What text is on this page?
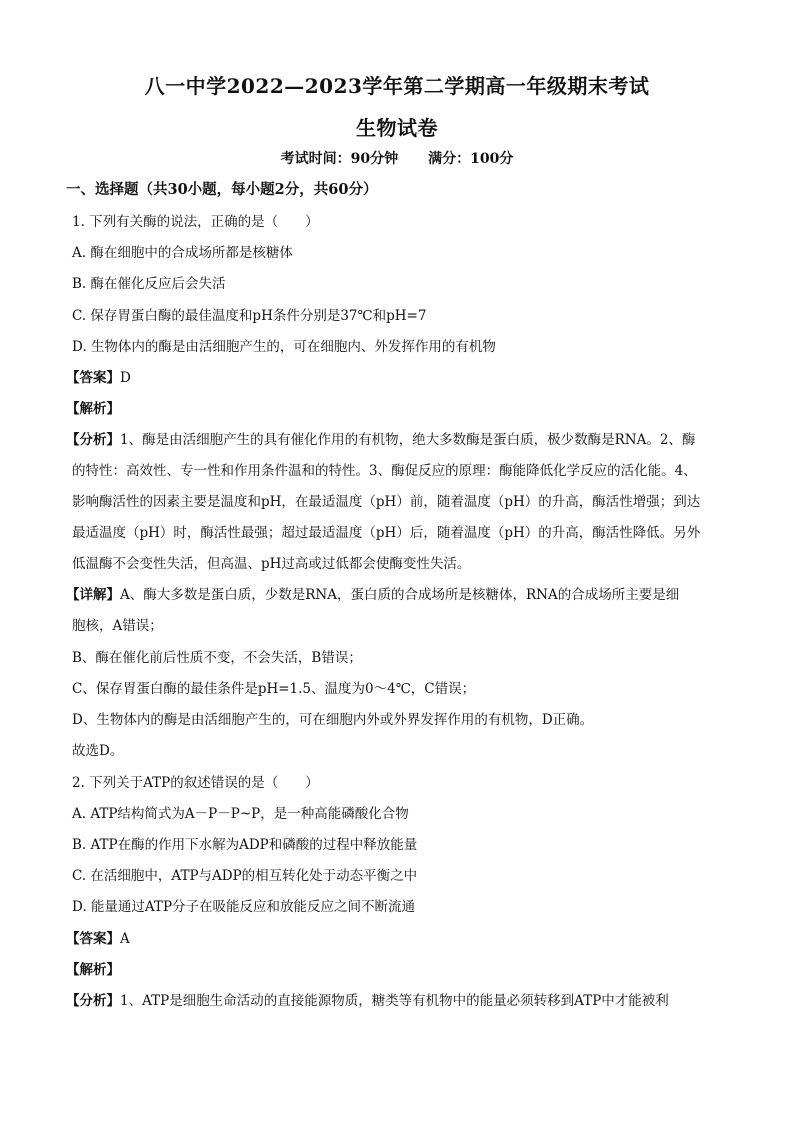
八一中学2022—2023学年第二学期高一年级期末考试
生物试卷
考试时间：90分钟 满分：100分
一、选择题（共30小题，每小题2分，共60分）
1. 下列有关酶的说法，正确的是（　　）
A. 酶在细胞中的合成场所都是核糖体
B. 酶在催化反应后会失活
C. 保存胃蛋白酶的最佳温度和pH条件分别是37℃和pH=7
D. 生物体内的酶是由活细胞产生的，可在细胞内、外发挥作用的有机物
【答案】D
【解析】
【分析】1、酶是由活细胞产生的具有催化作用的有机物，绝大多数酶是蛋白质，极少数酶是RNA。2、酶
的特性：高效性、专一性和作用条件温和的特性。3、酶促反应的原理：酶能降低化学反应的活化能。4、
影响酶活性的因素主要是温度和pH，在最适温度（pH）前，随着温度（pH）的升高，酶活性增强；到达
最适温度（pH）时，酶活性最强；超过最适温度（pH）后，随着温度（pH）的升高，酶活性降低。另外
低温酶不会变性失活，但高温、pH过高或过低都会使酶变性失活。
【详解】A、酶大多数是蛋白质，少数是RNA，蛋白质的合成场所是核糖体，RNA的合成场所主要是细
胞核，A错误；
B、酶在催化前后性质不变，不会失活，B错误；
C、保存胃蛋白酶的最佳条件是pH=1.5、温度为0～4℃，C错误；
D、生物体内的酶是由活细胞产生的，可在细胞内外或外界发挥作用的有机物，D正确。
故选D。
2. 下列关于ATP的叙述错误的是（　　）
A. ATP结构简式为A－P－P~P，是一种高能磷酸化合物
B. ATP在酶的作用下水解为ADP和磷酸的过程中释放能量
C. 在活细胞中，ATP与ADP的相互转化处于动态平衡之中
D. 能量通过ATP分子在吸能反应和放能反应之间不断流通
【答案】A
【解析】
【分析】1、ATP是细胞生命活动的直接能源物质，糖类等有机物中的能量必须转移到ATP中才能被利
